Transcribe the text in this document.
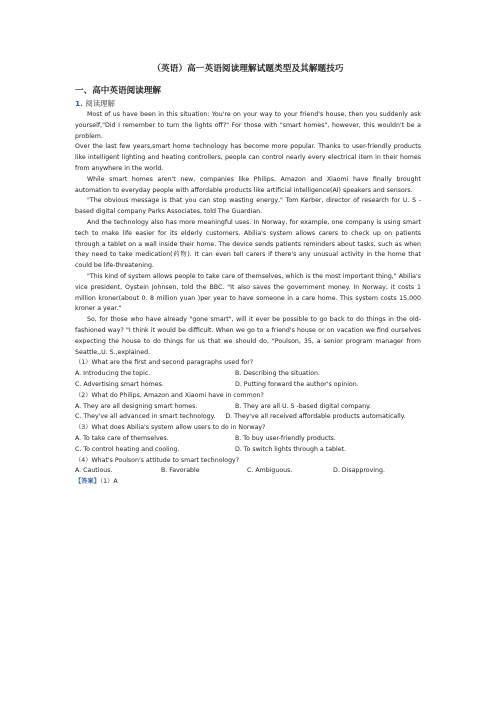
（英语）高一英语阅读理解试题类型及其解题技巧
一、高中英语阅读理解
1. 阅读理解

Most of us have been in this situation: You're on your way to your friend's house, then you suddenly ask yourself,"Did I remember to turn the lights off?" For those with "smart homes", however, this wouldn't be a problem.

Over the last few years,smart home technology has become more popular. Thanks to user-friendly products like intelligent lighting and heating controllers, people can control nearly every electrical item in their homes from anywhere in the world.

While smart homes aren't new, companies like Philips, Amazon and Xiaomi have finally brought automation to everyday people with affordable products like artificial intelligence(AI) speakers and sensors.

"The obvious message is that you can stop wasting energy," Tom Kerber, director of research for U. S -based digital company Parks Associates, told The Guardian.

And the technology also has more meaningful uses. In Norway, for example, one company is using smart tech to make life easier for its elderly customers. Abilia's system allows carers to check up on patients through a tablet on a wall inside their home. The device sends patients reminders about tasks, such as when they need to take medication(药物). It can even tell carers if there's any unusual activity in the home that could be life-threatening.

"This kind of system allows people to take care of themselves, which is the most important thing," Abilia's vice president, Oystein Johnsen, told the BBC. "It also saves the government money. In Norway, it costs 1 million kroner(about 0. 8 million yuan )per year to have someone in a care home. This system costs 15,000 kroner a year."

So, for those who have already "gone smart", will it ever be possible to go back to do things in the old-fashioned way? "I think it would be difficult. When we go to a friend's house or on vacation we find ourselves expecting the house to do things for us that we should do, "Poulson, 35, a senior program manager from Seattle,,U. S.,explained.

（1）What are the first and second paragraphs used for?

A. Introducing the topic.	B. Describing the situation.
C. Advertising smart homes.	D. Putting forward the author's opinion.

（2）What do Philips, Amazon and Xiaomi have in common?

A. They are all designing smart homes.	B. They are all U. S -based digital company.

C. They've all advanced in smart technology. D. They've all received affordable products automatically.

（3）What does Abilia's system allow users to do in Norway?

A. To take care of themselves.	B. To buy user-friendly products.
C. To control heating and cooling.	D. To switch lights through a tablet.

（4）What's Poulson's attitude to smart technology?

A. Cautious.	B. Favorable	C. Ambiguous.	D. Disapproving.

【答案】（1）A
